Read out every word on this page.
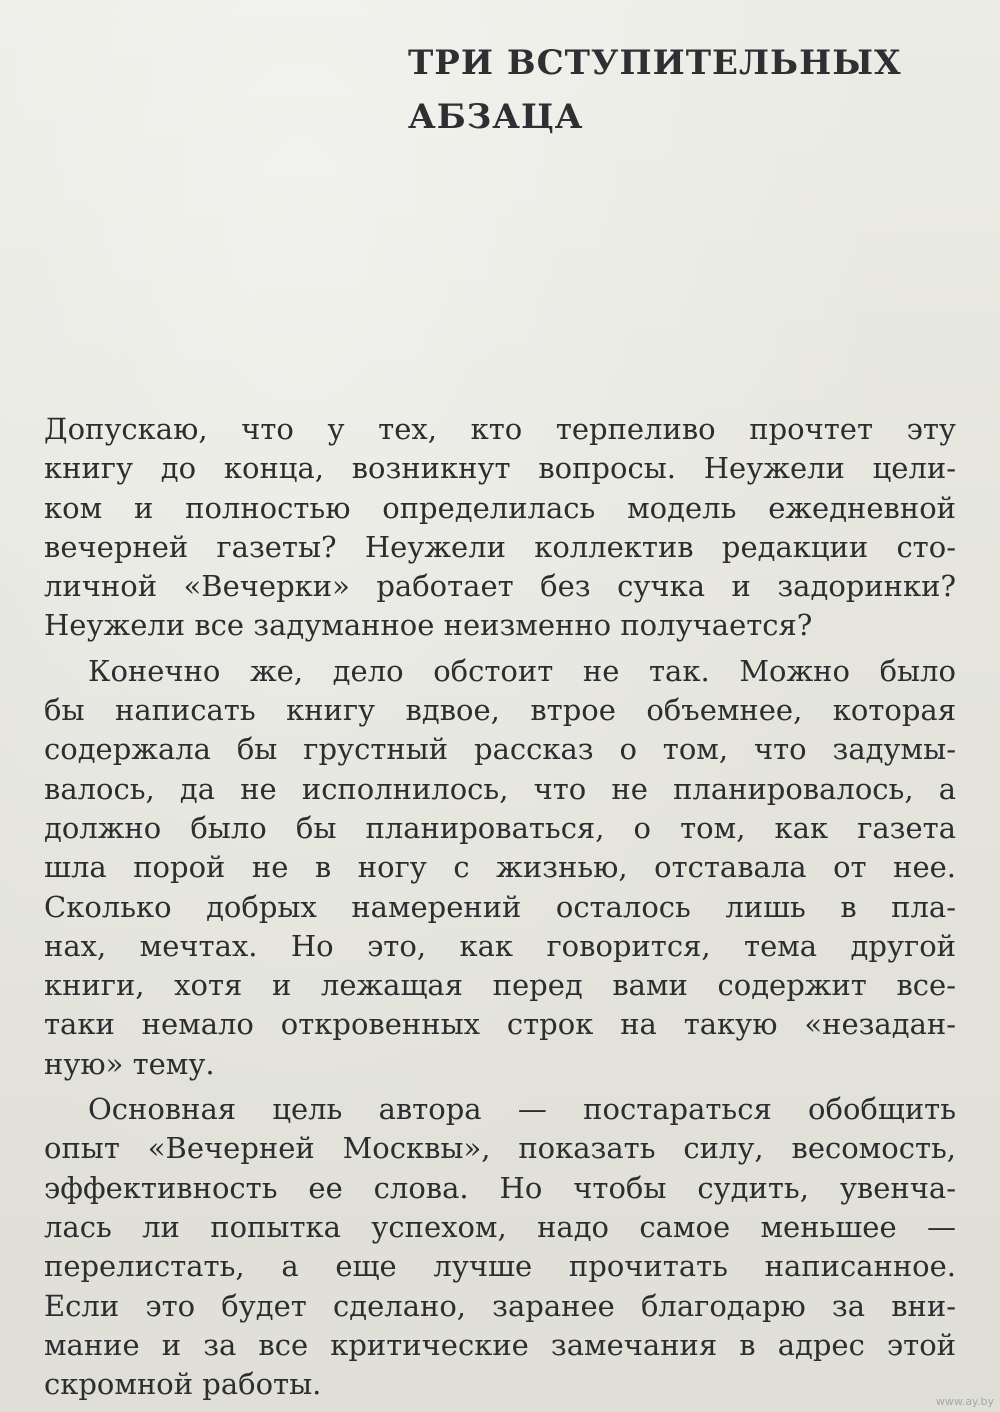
ТРИ ВСТУПИТЕЛЬНЫХ
АБЗАЦА
Допускаю, что у тех, кто терпеливо прочтет эту
книгу до конца, возникнут вопросы. Неужели цели-
ком и полностью определилась модель ежедневной
вечерней газеты? Неужели коллектив редакции сто-
личной «Вечерки» работает без сучка и задоринки?
Неужели все задуманное неизменно получается?
Конечно же, дело обстоит не так. Можно было
бы написать книгу вдвое, втрое объемнее, которая
содержала бы грустный рассказ о том, что задумы-
валось, да не исполнилось, что не планировалось, а
должно было бы планироваться, о том, как газета
шла порой не в ногу с жизнью, отставала от нее.
Сколько добрых намерений осталось лишь в пла-
нах, мечтах. Но это, как говорится, тема другой
книги, хотя и лежащая перед вами содержит все-
таки немало откровенных строк на такую «незадан-
ную» тему.
Основная цель автора — постараться обобщить
опыт «Вечерней Москвы», показать силу, весомость,
эффективность ее слова. Но чтобы судить, увенча-
лась ли попытка успехом, надо самое меньшее —
перелистать, а еще лучше прочитать написанное.
Если это будет сделано, заранее благодарю за вни-
мание и за все критические замечания в адрес этой
скромной работы.
www.ay.by
